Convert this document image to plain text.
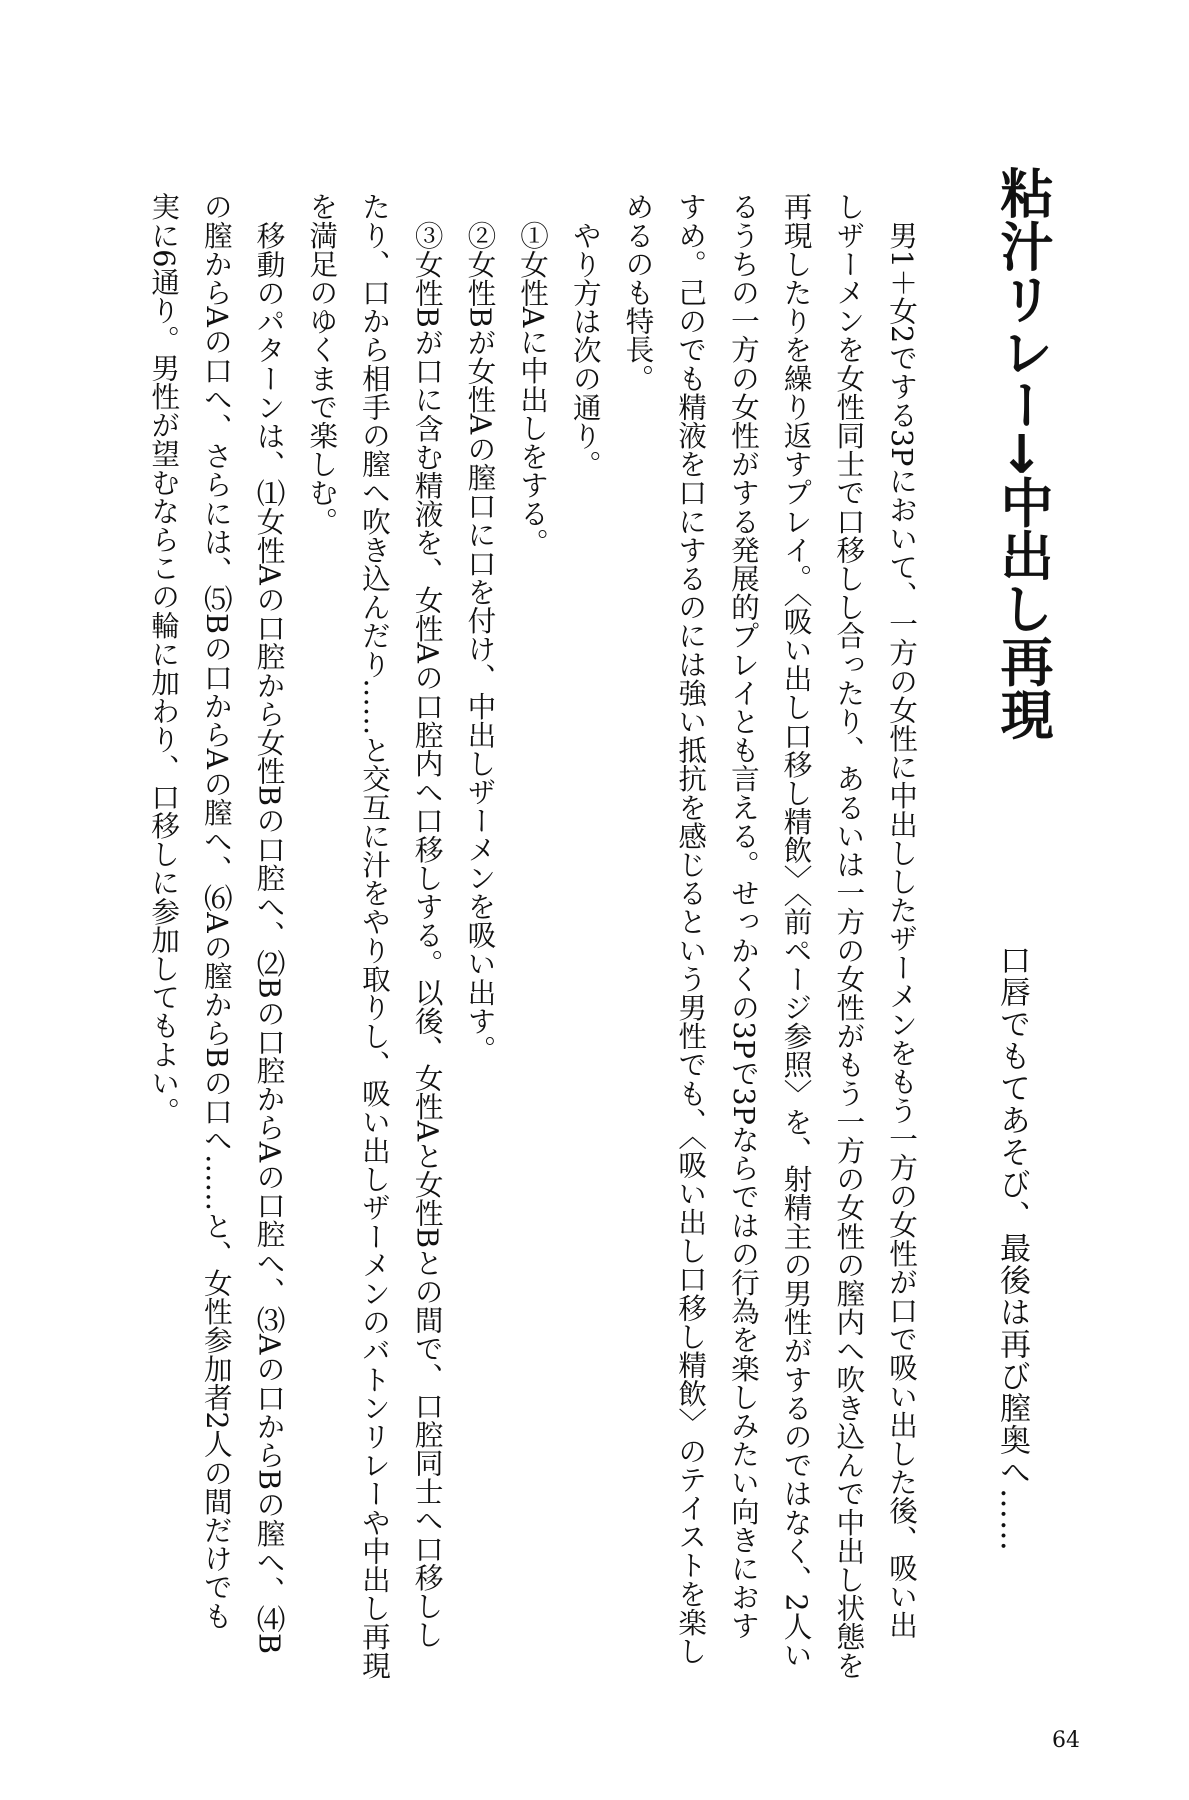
粘汁リレー→中出し再現
口唇でもてあそび、最後は再び膣奥へ……

男1＋女2でする3Pにおいて、一方の女性に中出ししたザーメンをもう一方の女性が口で吸い出した後、吸い出

しザーメンを女性同士で口移しし合ったり、あるいは一方の女性がもう一方の女性の膣内へ吹き込んで中出し状態を

再現したりを繰り返すプレイ。〈吸い出し口移し精飲〉〈前ページ参照〉を、射精主の男性がするのではなく、2人い

るうちの一方の女性がする発展的プレイとも言える。せっかくの3Pで3Pならではの行為を楽しみたい向きにおす

すめ。己のでも精液を口にするのには強い抵抗を感じるという男性でも、〈吸い出し口移し精飲〉のテイストを楽し

めるのも特長。

やり方は次の通り。

①女性Aに中出しをする。

②女性Bが女性Aの膣口に口を付け、中出しザーメンを吸い出す。

③女性Bが口に含む精液を、女性Aの口腔内へ口移しする。以後、女性Aと女性Bとの間で、口腔同士へ口移しし

たり、口から相手の膣へ吹き込んだり……と交互に汁をやり取りし、吸い出しザーメンのバトンリレーや中出し再現

を満足のゆくまで楽しむ。

移動のパターンは、⑴女性Aの口腔から女性Bの口腔へ、⑵Bの口腔からAの口腔へ、⑶Aの口からBの膣へ、⑷B

の膣からAの口へ、さらには、⑸Bの口からAの膣へ、⑹Aの膣からBの口へ……と、女性参加者2人の間だけでも

実に6通り。男性が望むならこの輪に加わり、口移しに参加してもよい。

64
